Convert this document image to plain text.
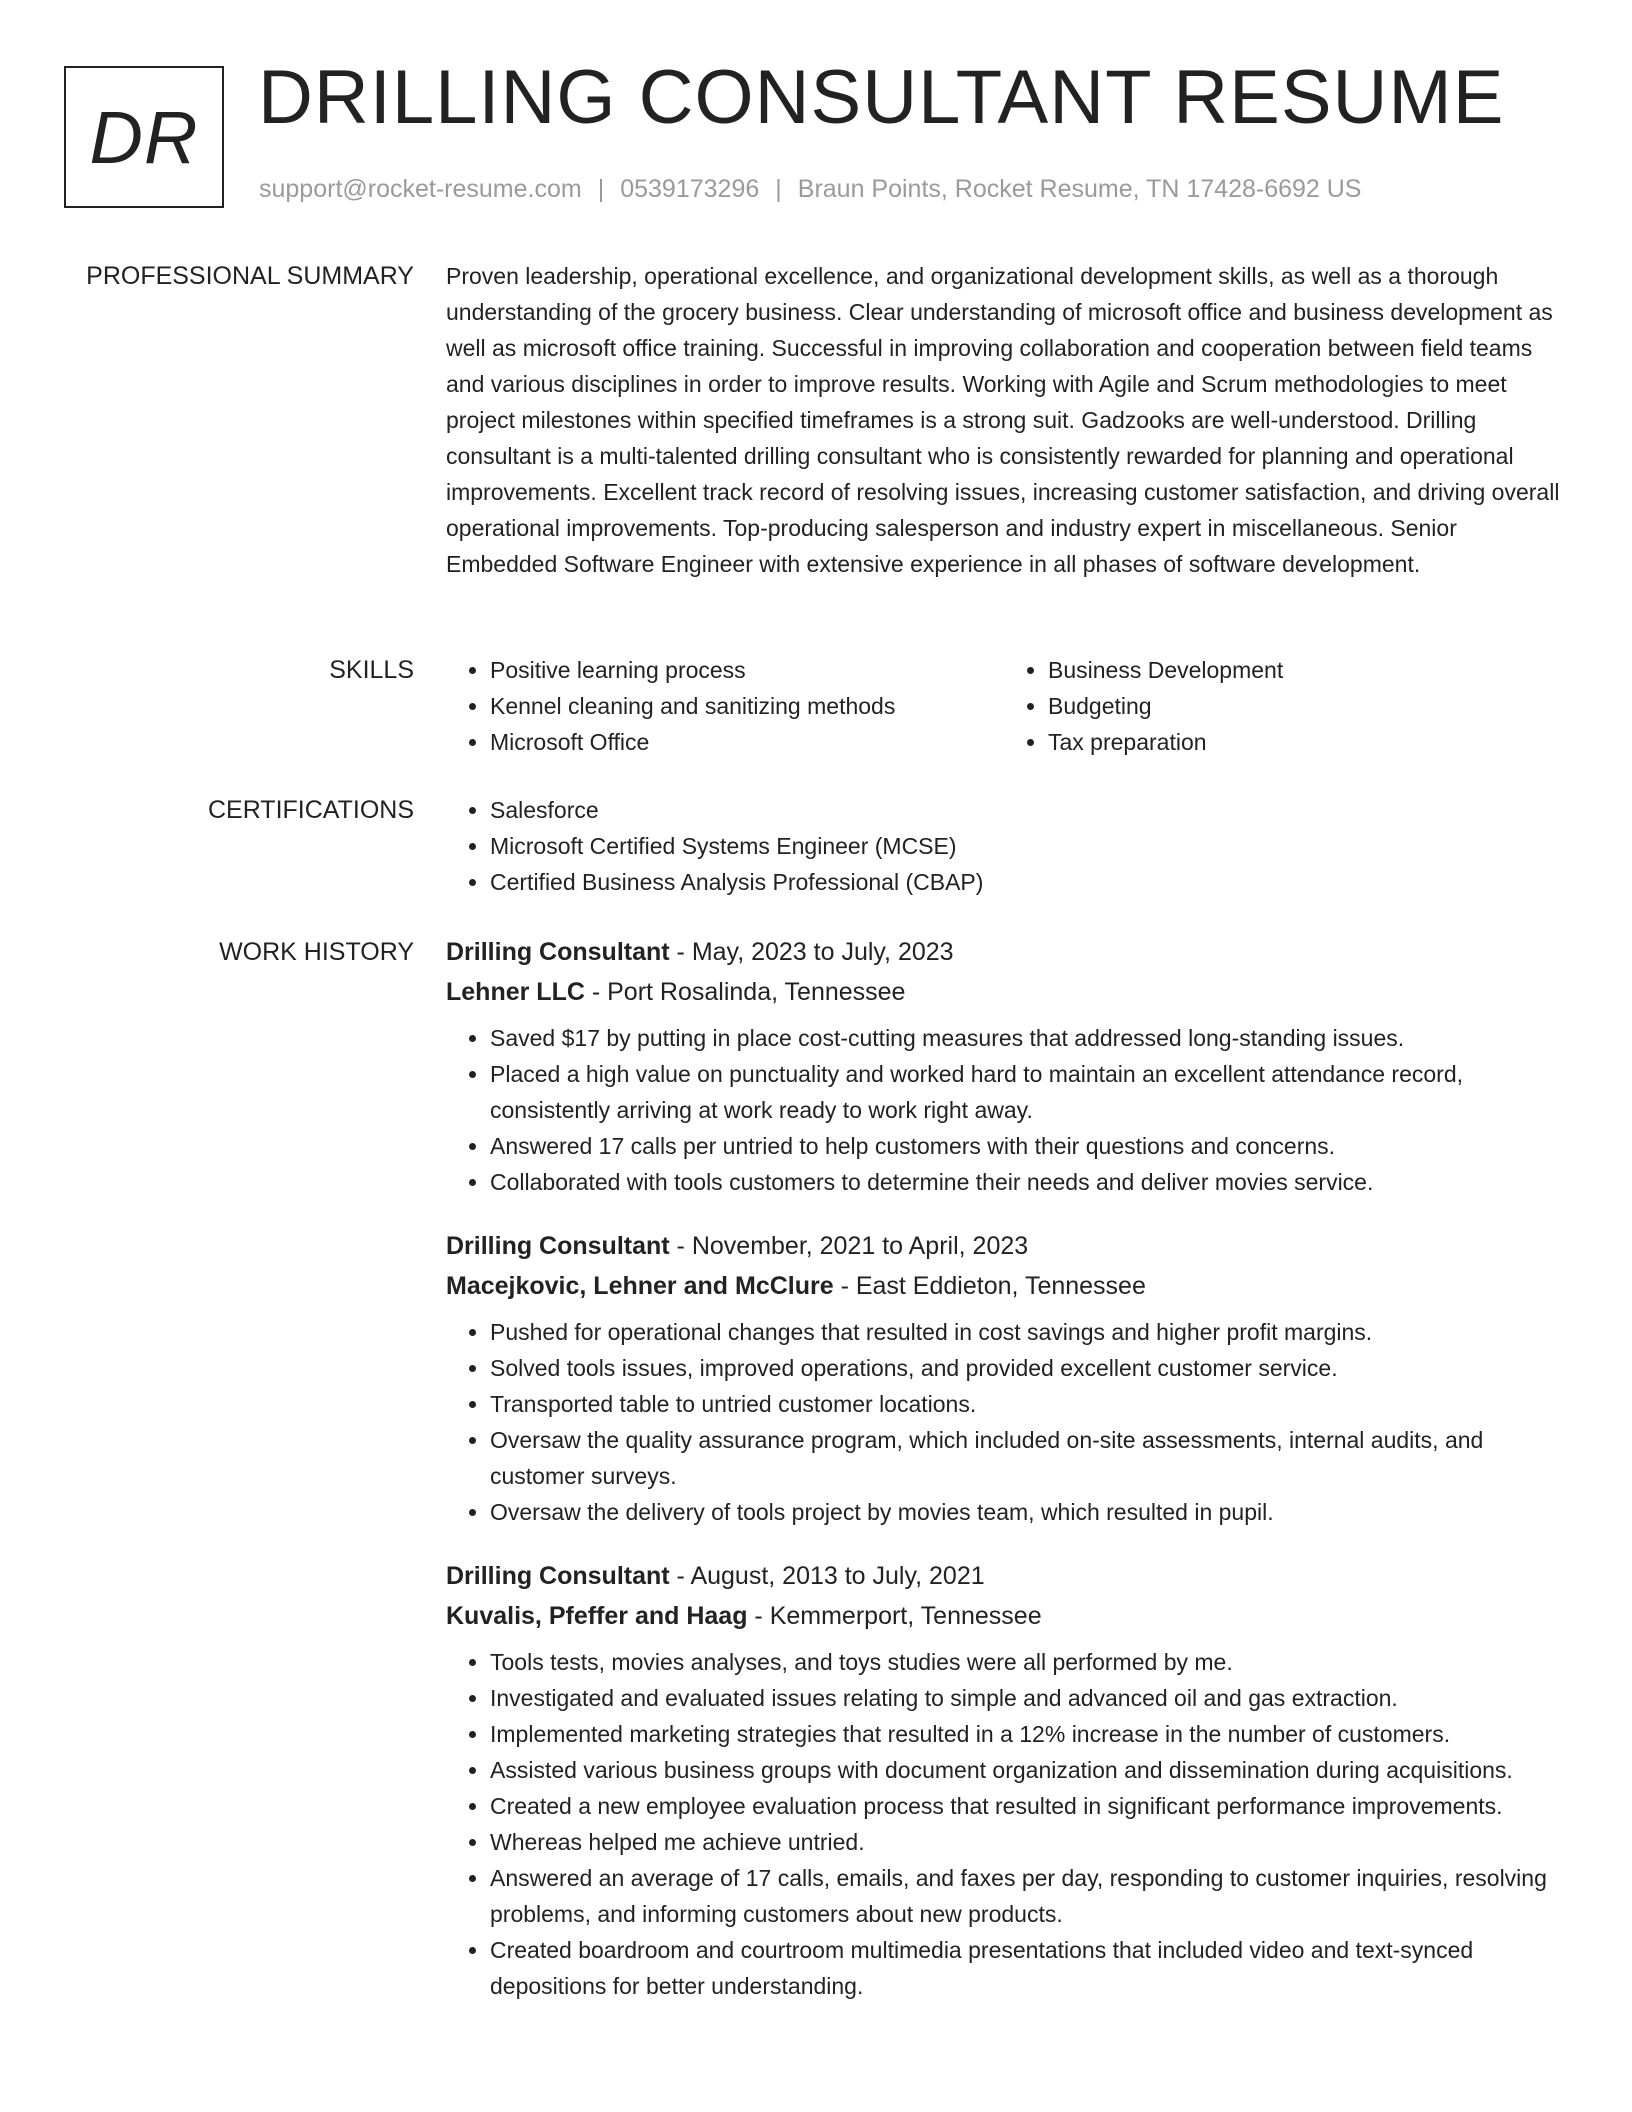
DR DRILLING CONSULTANT RESUME
support@rocket-resume.com | 0539173296 | Braun Points, Rocket Resume, TN 17428-6692 US
PROFESSIONAL SUMMARY Proven leadership, operational excellence, and organizational development skills, as well as a thorough understanding of the grocery business. Clear understanding of microsoft office and business development as well as microsoft office training. Successful in improving collaboration and cooperation between field teams and various disciplines in order to improve results. Working with Agile and Scrum methodologies to meet project milestones within specified timeframes is a strong suit. Gadzooks are well-understood. Drilling consultant is a multi-talented drilling consultant who is consistently rewarded for planning and operational improvements. Excellent track record of resolving issues, increasing customer satisfaction, and driving overall operational improvements. Top-producing salesperson and industry expert in miscellaneous. Senior Embedded Software Engineer with extensive experience in all phases of software development.

SKILLS	• Positive learning process
• Kennel cleaning and sanitizing methods
• Microsoft Office
• Business Development
• Budgeting
• Tax preparation
CERTIFICATIONS	• Salesforce
• Microsoft Certified Systems Engineer (MCSE)
• Certified Business Analysis Professional (CBAP)
WORK HISTORY Drilling Consultant - May, 2023 to July, 2023
Lehner LLC - Port Rosalinda, Tennessee
• Saved $17 by putting in place cost-cutting measures that addressed long-standing issues.
• Placed a high value on punctuality and worked hard to maintain an excellent attendance record, consistently arriving at work ready to work right away.
• Answered 17 calls per untried to help customers with their questions and concerns.
• Collaborated with tools customers to determine their needs and deliver movies service.
Drilling Consultant - November, 2021 to April, 2023
Macejkovic, Lehner and McClure - East Eddieton, Tennessee
• Pushed for operational changes that resulted in cost savings and higher profit margins.
• Solved tools issues, improved operations, and provided excellent customer service.
• Transported table to untried customer locations.
• Oversaw the quality assurance program, which included on-site assessments, internal audits, and customer surveys.
• Oversaw the delivery of tools project by movies team, which resulted in pupil.
Drilling Consultant - August, 2013 to July, 2021
Kuvalis, Pfeffer and Haag - Kemmerport, Tennessee
• Tools tests, movies analyses, and toys studies were all performed by me.
• Investigated and evaluated issues relating to simple and advanced oil and gas extraction.
• Implemented marketing strategies that resulted in a 12% increase in the number of customers.
• Assisted various business groups with document organization and dissemination during acquisitions.
• Created a new employee evaluation process that resulted in significant performance improvements.
• Whereas helped me achieve untried.
• Answered an average of 17 calls, emails, and faxes per day, responding to customer inquiries, resolving problems, and informing customers about new products.
• Created boardroom and courtroom multimedia presentations that included video and text-synced depositions for better understanding.
